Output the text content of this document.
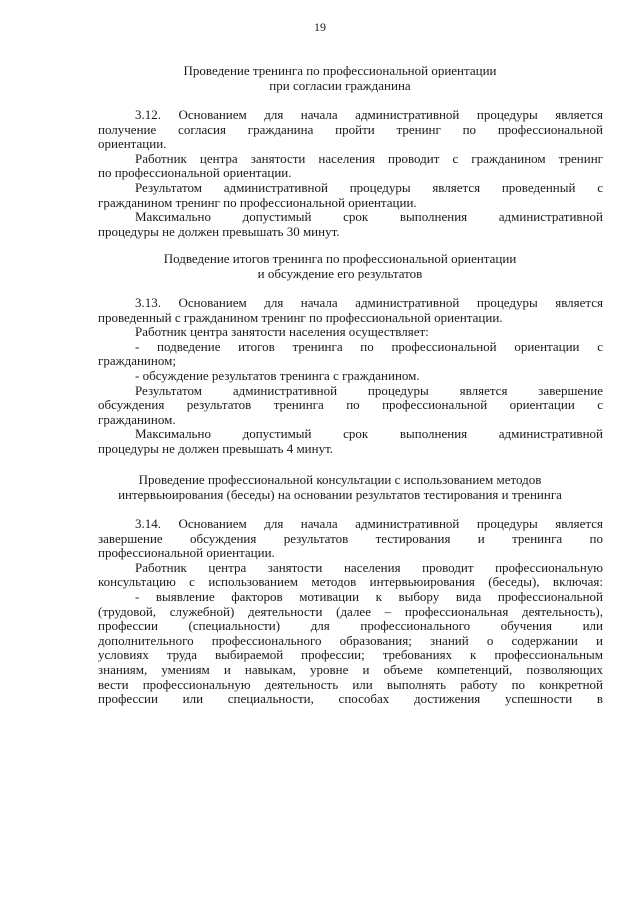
19
Проведение тренинга по профессиональной ориентации
при согласии гражданина

3.12. Основанием для начала административной процедуры является
получение согласия гражданина пройти тренинг по профессиональной
ориентации.

Работник центра занятости населения проводит с гражданином тренинг
по профессиональной ориентации.

Результатом административной процедуры является проведенный с
гражданином тренинг по профессиональной ориентации.

Максимально допустимый срок выполнения административной
процедуры не должен превышать 30 минут.

Подведение итогов тренинга по профессиональной ориентации
и обсуждение его результатов

3.13. Основанием для начала административной процедуры является
проведенный с гражданином тренинг по профессиональной ориентации.

Работник центра занятости населения осуществляет:

- подведение итогов тренинга по профессиональной ориентации с
гражданином;

- обсуждение результатов тренинга с гражданином.

Результатом административной процедуры является завершение
обсуждения результатов тренинга по профессиональной ориентации с
гражданином.

Максимально допустимый срок выполнения административной
процедуры не должен превышать 4 минут.

Проведение профессиональной консультации с использованием методов
интервьюирования (беседы) на основании результатов тестирования и тренинга

3.14. Основанием для начала административной процедуры является
завершение обсуждения результатов тестирования и тренинга по
профессиональной ориентации.

Работник центра занятости населения проводит профессиональную
консультацию с использованием методов интервьюирования (беседы), включая:

- выявление факторов мотивации к выбору вида профессиональной
(трудовой, служебной) деятельности (далее – профессиональная деятельность),
профессии (специальности) для профессионального обучения или
дополнительного профессионального образования; знаний о содержании и
условиях труда выбираемой профессии; требованиях к профессиональным
знаниям, умениям и навыкам, уровне и объеме компетенций, позволяющих
вести профессиональную деятельность или выполнять работу по конкретной
профессии или специальности, способах достижения успешности в
